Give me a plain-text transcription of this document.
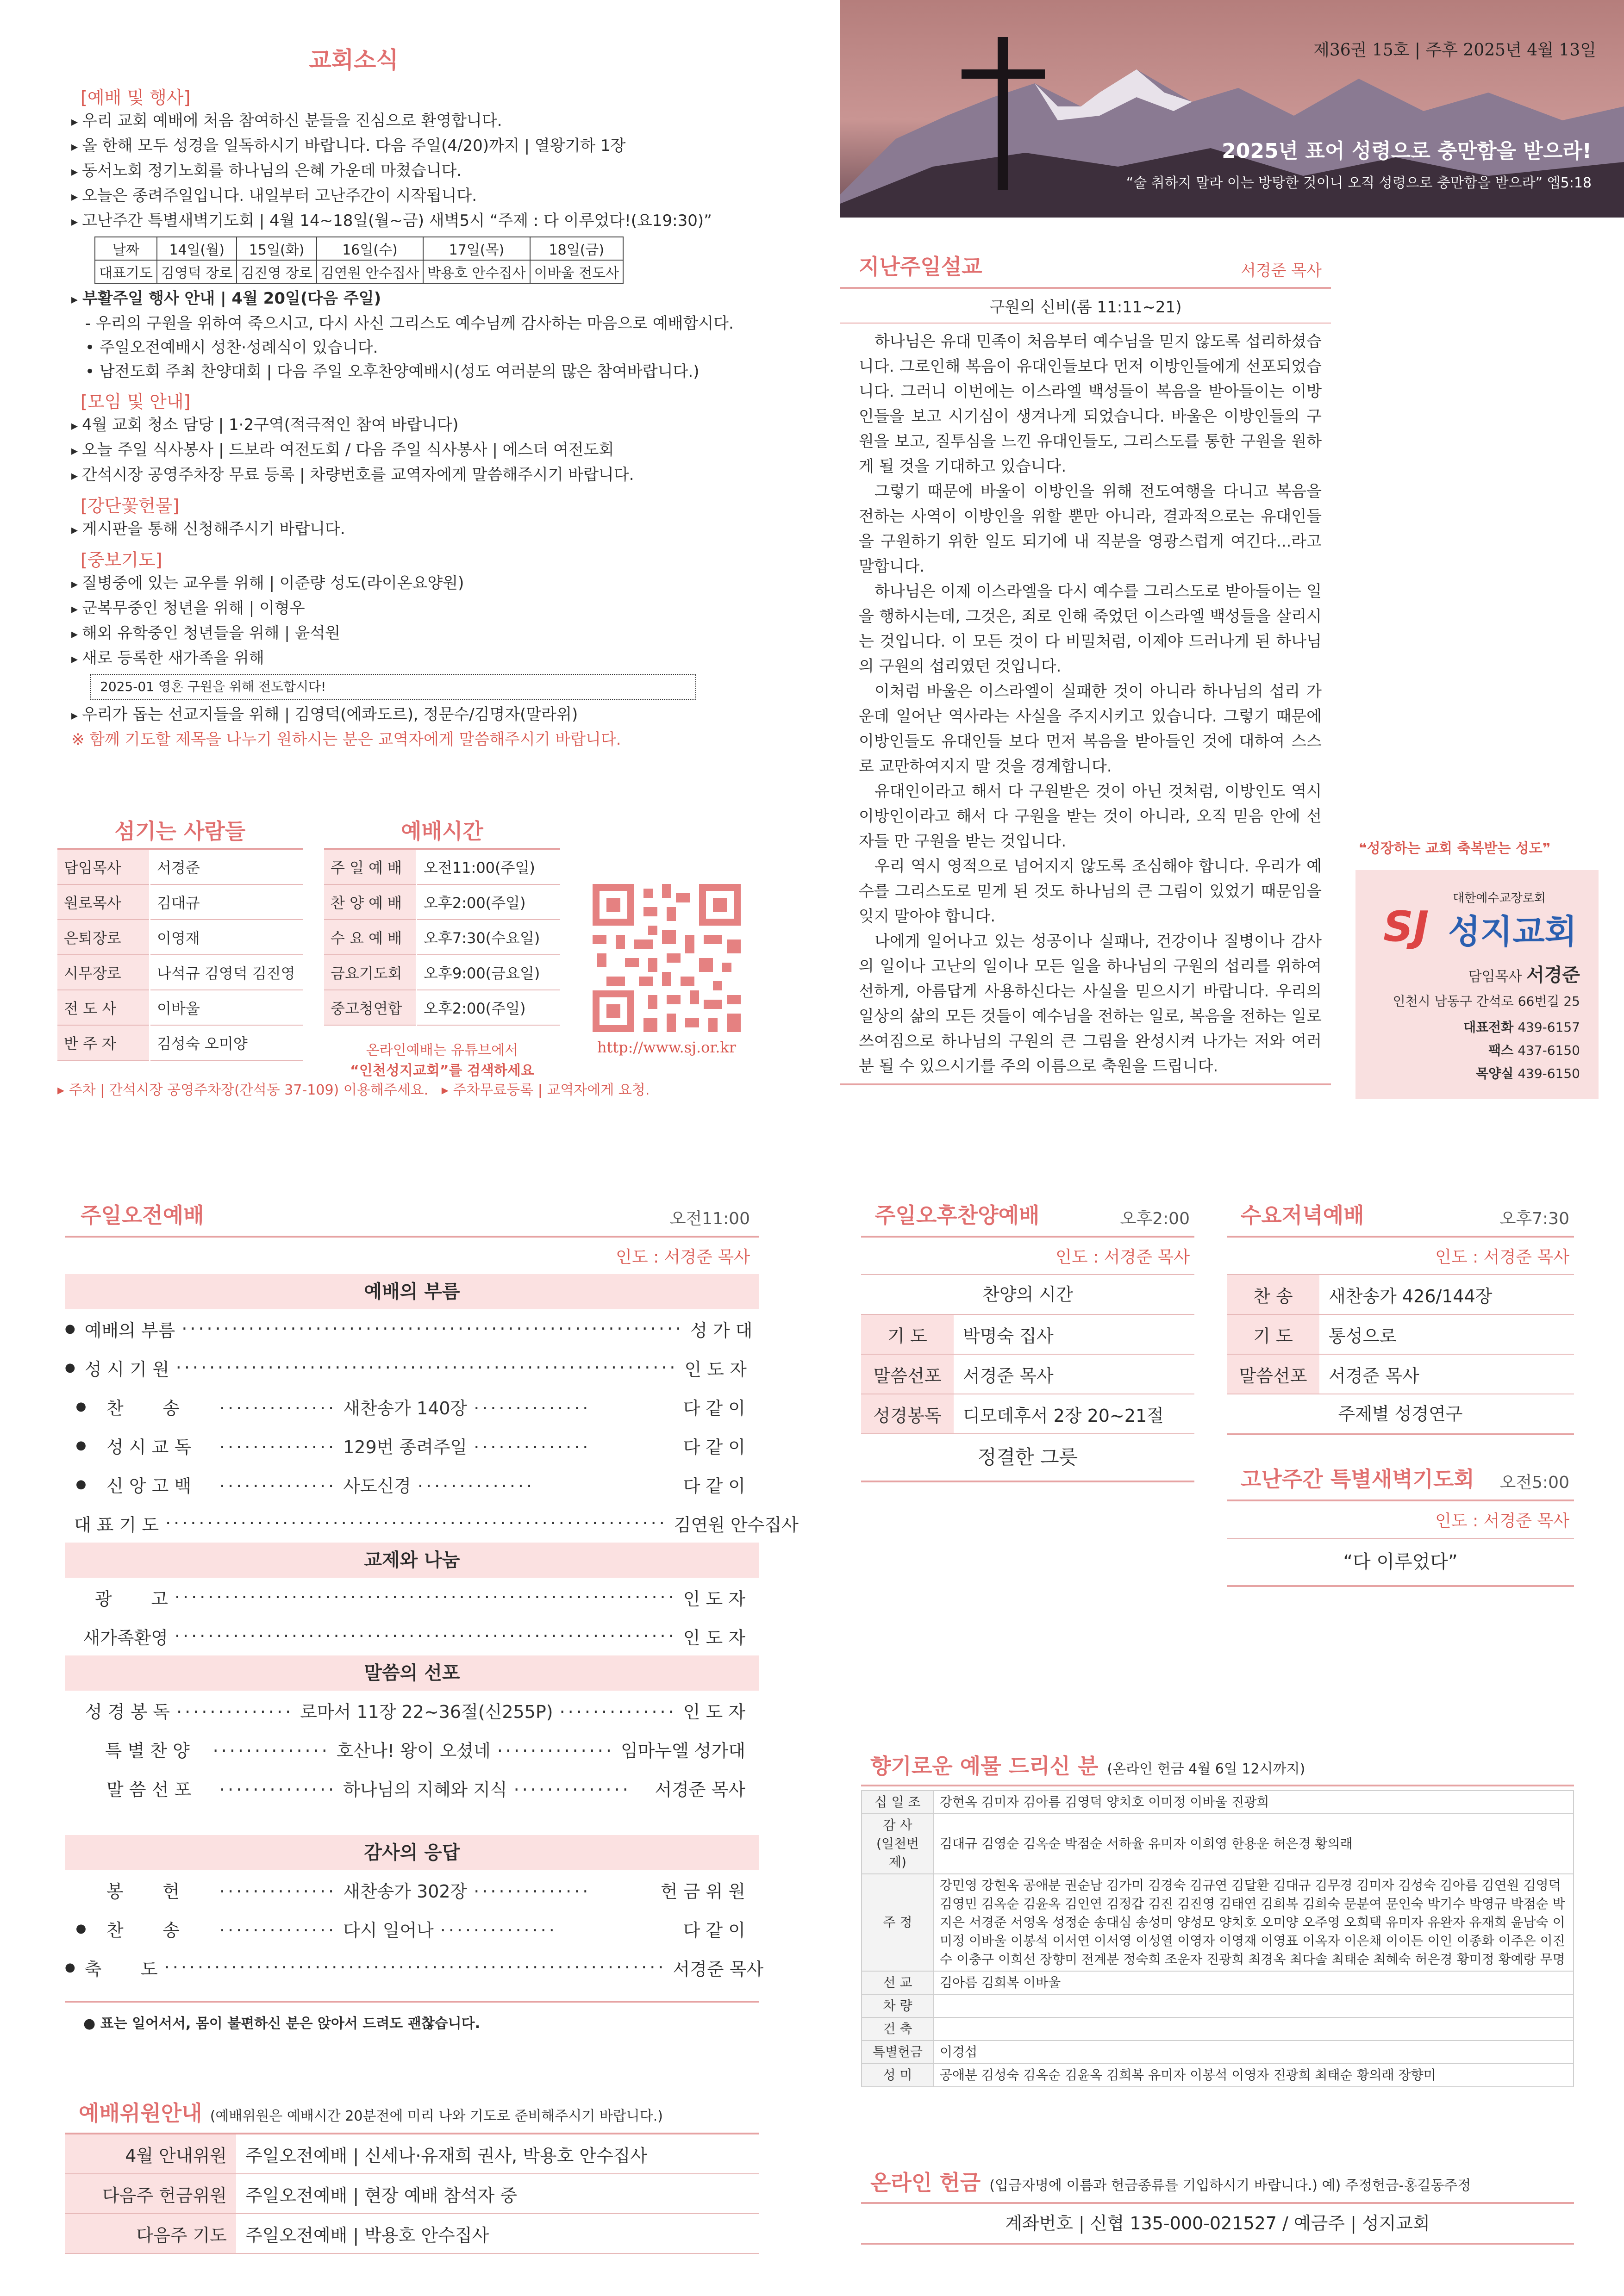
교회소식
[예배 및 행사]
▸ 우리 교회 예배에 처음 참여하신 분들을 진심으로 환영합니다.
▸ 올 한해 모두 성경을 일독하시기 바랍니다. 다음 주일(4/20)까지 | 열왕기하 1장
▸ 동서노회 정기노회를 하나님의 은혜 가운데 마쳤습니다.
▸ 오늘은 종려주일입니다. 내일부터 고난주간이 시작됩니다.
▸ 고난주간 특별새벽기도회 | 4월 14~18일(월~금) 새벽5시 “주제 : 다 이루었다!(요19:30)”
날짜	14일(월)	15일(화)	16일(수)	17일(목)	18일(금)
대표기도	김영덕 장로	김진영 장로	김연원 안수집사	박용호 안수집사	이바울 전도사
▸ 부활주일 행사 안내 | 4월 20일(다음 주일)
- 우리의 구원을 위하여 죽으시고, 다시 사신 그리스도 예수님께 감사하는 마음으로 예배합시다.
• 주일오전예배시 성찬·성례식이 있습니다.
• 남전도회 주최 찬양대회 | 다음 주일 오후찬양예배시(성도 여러분의 많은 참여바랍니다.)
[모임 및 안내]
▸ 4월 교회 청소 담당 | 1·2구역(적극적인 참여 바랍니다)
▸ 오늘 주일 식사봉사 | 드보라 여전도회 / 다음 주일 식사봉사 | 에스더 여전도회
▸ 간석시장 공영주차장 무료 등록 | 차량번호를 교역자에게 말씀해주시기 바랍니다.
[강단꽃헌물]
▸ 게시판을 통해 신청해주시기 바랍니다.
[중보기도]
▸ 질병중에 있는 교우를 위해 | 이준량 성도(라이온요양원)
▸ 군복무중인 청년을 위해 | 이형우
▸ 해외 유학중인 청년들을 위해 | 윤석원
▸ 새로 등록한 새가족을 위해
2025-01 영혼 구원을 위해 전도합시다!
▸ 우리가 돕는 선교지들을 위해 | 김영덕(에콰도르), 정문수/김명자(말라위)
※ 함께 기도할 제목을 나누기 원하시는 분은 교역자에게 말씀해주시기 바랍니다.
섬기는 사람들
담임목사	서경준
원로목사	김대규
은퇴장로	이영재
시무장로	나석규 김영덕 김진영
전 도 사	이바울
반 주 자	김성숙 오미양
예배시간
주 일 예 배	오전11:00(주일)
찬 양 예 배	오후2:00(주일)
수 요 예 배	오후7:30(수요일)
금요기도회	오후9:00(금요일)
중고청연합	오후2:00(주일)
온라인예배는 유튜브에서
“인천성지교회”를 검색하세요
http://www.sj.or.kr
▸ 주차 | 간석시장 공영주차장(간석동 37-109) 이용해주세요.   ▸ 주차무료등록 | 교역자에게 요청.
제36권 15호 | 주후 2025년 4월 13일
2025년 표어 성령으로 충만함을 받으라!
“술 취하지 말라 이는 방탕한 것이니 오직 성령으로 충만함을 받으라” 엡5:18
지난주일설교	서경준 목사
구원의 신비(롬 11:11~21)

하나님은 유대 민족이 처음부터 예수님을 믿지 않도록 섭리하셨습니다. 그로인해 복음이 유대인들보다 먼저 이방인들에게 선포되었습니다. 그러니 이번에는 이스라엘 백성들이 복음을 받아들이는 이방인들을 보고 시기심이 생겨나게 되었습니다. 바울은 이방인들의 구원을 보고, 질투심을 느낀 유대인들도, 그리스도를 통한 구원을 원하게 될 것을 기대하고 있습니다.

그렇기 때문에 바울이 이방인을 위해 전도여행을 다니고 복음을 전하는 사역이 이방인을 위할 뿐만 아니라, 결과적으로는 유대인들을 구원하기 위한 일도 되기에 내 직분을 영광스럽게 여긴다...라고 말합니다.

하나님은 이제 이스라엘을 다시 예수를 그리스도로 받아들이는 일을 행하시는데, 그것은, 죄로 인해 죽었던 이스라엘 백성들을 살리시는 것입니다. 이 모든 것이 다 비밀처럼, 이제야 드러나게 된 하나님의 구원의 섭리였던 것입니다.

이처럼 바울은 이스라엘이 실패한 것이 아니라 하나님의 섭리 가운데 일어난 역사라는 사실을 주지시키고 있습니다. 그렇기 때문에 이방인들도 유대인들 보다 먼저 복음을 받아들인 것에 대하여 스스로 교만하여지지 말 것을 경계합니다.

유대인이라고 해서 다 구원받은 것이 아닌 것처럼, 이방인도 역시 이방인이라고 해서 다 구원을 받는 것이 아니라, 오직 믿음 안에 선 자들 만 구원을 받는 것입니다.

우리 역시 영적으로 넘어지지 않도록 조심해야 합니다. 우리가 예수를 그리스도로 믿게 된 것도 하나님의 큰 그림이 있었기 때문임을 잊지 말아야 합니다.

나에게 일어나고 있는 성공이나 실패나, 건강이나 질병이나 감사의 일이나 고난의 일이나 모든 일을 하나님의 구원의 섭리를 위하여 선하게, 아름답게 사용하신다는 사실을 믿으시기 바랍니다. 우리의 일상의 삶의 모든 것들이 예수님을 전하는 일로, 복음을 전하는 일로 쓰여짐으로 하나님의 구원의 큰 그림을 완성시켜 나가는 저와 여러분 될 수 있으시기를 주의 이름으로 축원을 드립니다.

❝성장하는 교회 축복받는 성도❞
대한예수교장로회
SJ 성지교회
담임목사 서경준
인천시 남동구 간석로 66번길 25
대표전화 439-6157
팩스 437-6150
목양실 439-6150
주일오전예배	오전11:00
인도 : 서경준 목사
예배의 부름
● 예배의 부름 ···························································· 성 가 대
● 성 시 기 원 ···························································· 인 도 자
●	찬       송	·············· 새찬송가 140장 ··············	다 같 이
●	성 시 교 독	·············· 129번 종려주일 ··············	다 같 이
●	신 앙 고 백	·············· 사도신경 ··············	다 같 이
대 표 기 도 ···························································· 김연원 안수집사
교제와 나눔
광       고 ···························································· 인 도 자
새가족환영 ···························································· 인 도 자
말씀의 선포
성 경 봉 독 ·············· 로마서 11장 22~36절(신255P) ·············· 인 도 자
특 별 찬 양	·············· 호산나! 왕이 오셨네 ·············· 임마누엘 성가대
말 씀 선 포	·············· 하나님의 지혜와 지식 ··············	서경준 목사
감사의 응답
봉       헌	·············· 새찬송가 302장 ··············	헌 금 위 원
●	찬       송	·············· 다시 일어나 ··············	다 같 이
● 축       도 ···························································· 서경준 목사
● 표는 일어서서, 몸이 불편하신 분은 앉아서 드려도 괜찮습니다.
예배위원안내 (예배위원은 예배시간 20분전에 미리 나와 기도로 준비해주시기 바랍니다.)
4월 안내위원	주일오전예배 | 신세나·유재희 권사, 박용호 안수집사
다음주 헌금위원	주일오전예배 | 현장 예배 참석자 중
다음주 기도	주일오전예배 | 박용호 안수집사
주일오후찬양예배	오후2:00
인도 : 서경준 목사
찬양의 시간
기 도	박명숙 집사
말씀선포	서경준 목사
성경봉독	디모데후서 2장 20~21절
정결한 그릇
수요저녁예배	오후7:30
인도 : 서경준 목사
찬 송	새찬송가 426/144장
기 도	통성으로
말씀선포	서경준 목사
주제별 성경연구
고난주간 특별새벽기도회 오전5:00
인도 : 서경준 목사
“다 이루었다”
향기로운 예물 드리신 분 (온라인 헌금 4월 6일 12시까지)
십 일 조	강현옥 김미자 김아름 김영덕 양치호 이미정 이바울 진광희
감 사
(일천번제)	김대규 김영순 김옥순 박점순 서하율 유미자 이희영 한용운 허은경 황의래
주 정	강민영 강현옥 공애분 권순남 김가미 김경숙 김규연 김달환 김대규 김무경 김미자 김성숙 김아름 김연원 김영덕 김영민 김옥순 김윤옥 김인연 김정갑 김진 김진영 김태연 김희복 김희숙 문분여 문인숙 박기수 박영규 박점순 박지은 서경준 서영옥 성정순 송대심 송성미 양성모 양치호 오미양 오주영 오희택 유미자 유완자 유재희 윤남숙 이미정 이바울 이봉석 이서연 이서영 이성열 이영자 이영재 이영표 이옥자 이은채 이이든 이인 이종화 이주은 이진수 이충구 이희선 장향미 전계분 정숙희 조운자 진광희 최경옥 최다솔 최태순 최혜숙 허은경 황미정 황예랑 무명
선 교	김아름 김희복 이바울
차 량	
건 축	
특별헌금	이경섭
성 미	공애분 김성숙 김옥순 김윤옥 김희복 유미자 이봉석 이영자 진광희 최태순 황의래 장향미
온라인 헌금 (입금자명에 이름과 헌금종류를 기입하시기 바랍니다.) 예) 주정헌금-홍길동주정
계좌번호 | 신협 135-000-021527 / 예금주 | 성지교회
